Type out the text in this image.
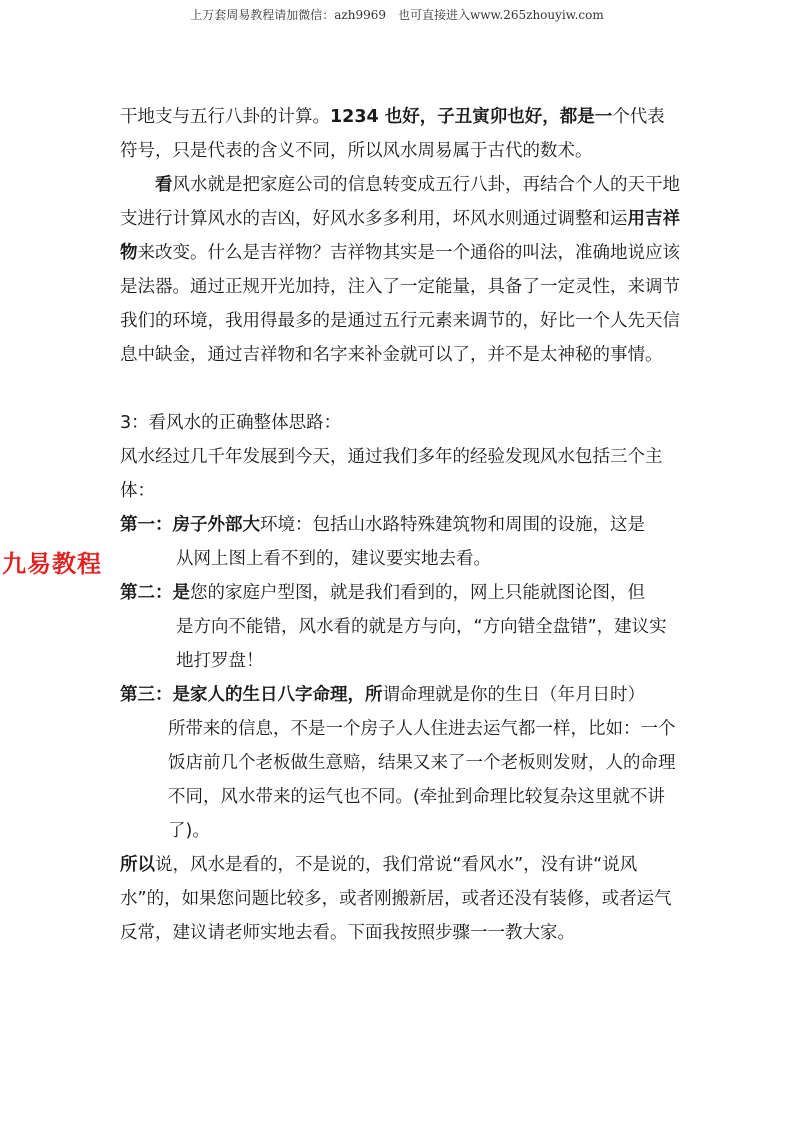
上万套周易教程请加微信：azh9969　也可直接进入www.265zhouyiw.com
九易教程

干地支与五行八卦的计算。1234 也好，子丑寅卯也好，都是一个代表符号，只是代表的含义不同，所以风水周易属于古代的数术。

看风水就是把家庭公司的信息转变成五行八卦，再结合个人的天干地支进行计算风水的吉凶，好风水多多利用，坏风水则通过调整和运用吉祥物来改变。什么是吉祥物？吉祥物其实是一个通俗的叫法，准确地说应该是法器。通过正规开光加持，注入了一定能量，具备了一定灵性，来调节我们的环境，我用得最多的是通过五行元素来调节的，好比一个人先天信息中缺金，通过吉祥物和名字来补金就可以了，并不是太神秘的事情。

3：看风水的正确整体思路：

风水经过几千年发展到今天，通过我们多年的经验发现风水包括三个主体：

第一：房子外部大环境：包括山水路特殊建筑物和周围的设施，这是
从网上图上看不到的，建议要实地去看。
第二：是您的家庭户型图，就是我们看到的，网上只能就图论图，但
是方向不能错，风水看的就是方与向，“方向错全盘错”，建议实地打罗盘！
第三：是家人的生日八字命理，所谓命理就是你的生日（年月日时）
所带来的信息，不是一个房子人人住进去运气都一样，比如：一个饭店前几个老板做生意赔，结果又来了一个老板则发财，人的命理不同，风水带来的运气也不同。(牵扯到命理比较复杂这里就不讲了)。

所以说，风水是看的，不是说的，我们常说“看风水”，没有讲“说风水”的，如果您问题比较多，或者刚搬新居，或者还没有装修，或者运气反常，建议请老师实地去看。下面我按照步骤一一教大家。
